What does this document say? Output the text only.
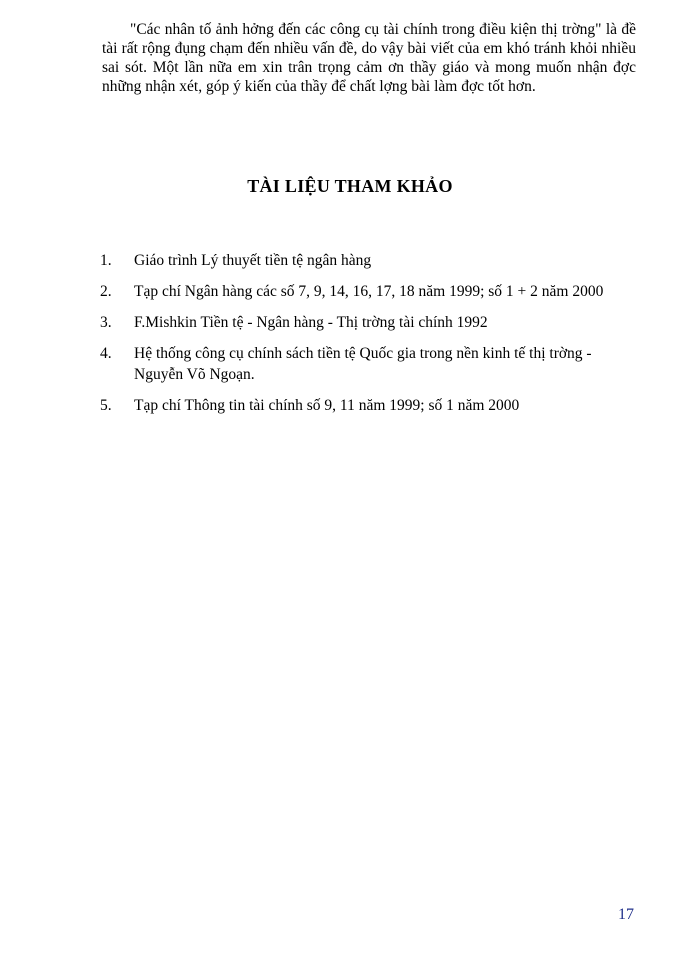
"Các nhân tố ảnh hởng đến các công cụ tài chính trong điều kiện thị trờng" là đề tài rất rộng đụng chạm đến nhiều vấn đề, do vậy bài viết của em khó tránh khỏi nhiều sai sót. Một lần nữa em xin trân trọng cảm ơn thầy giáo và mong muốn nhận đợc những nhận xét, góp ý kiến của thầy để chất lợng bài làm đợc tốt hơn.

TÀI LIỆU THAM KHẢO
1. Giáo trình Lý thuyết tiền tệ ngân hàng
2. Tạp chí Ngân hàng các số 7, 9, 14, 16, 17, 18 năm 1999; số 1 + 2 năm 2000
3. F.Mishkin Tiền tệ - Ngân hàng - Thị trờng tài chính 1992
4. Hệ thống công cụ chính sách tiền tệ Quốc gia trong nền kinh tế thị trờng - Nguyễn Võ Ngoạn.
5. Tạp chí Thông tin tài chính số 9, 11 năm 1999; số 1 năm 2000
17
